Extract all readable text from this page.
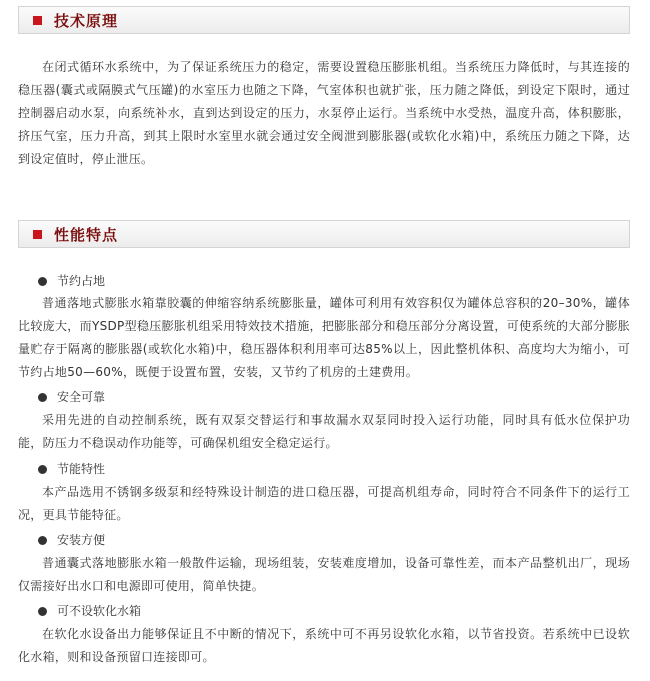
技术原理

在闭式循环水系统中，为了保证系统压力的稳定，需要设置稳压膨胀机组。当系统压力降低时，与其连接的稳压器(囊式或隔膜式气压罐)的水室压力也随之下降，气室体积也就扩张，压力随之降低，到设定下限时，通过控制器启动水泵，向系统补水，直到达到设定的压力，水泵停止运行。当系统中水受热，温度升高，体积膨胀，挤压气室，压力升高，到其上限时水室里水就会通过安全阀泄到膨胀器(或软化水箱)中，系统压力随之下降，达到设定值时，停止泄压。

性能特点
节约占地

普通落地式膨胀水箱靠胶囊的伸缩容纳系统膨胀量，罐体可利用有效容积仅为罐体总容积的20–30%，罐体比较庞大，而YSDP型稳压膨胀机组采用特效技术措施，把膨胀部分和稳压部分分离设置，可使系统的大部分膨胀量贮存于隔离的膨胀器(或软化水箱)中，稳压器体积利用率可达85%以上，因此整机体积、高度均大为缩小，可节约占地50—60%，既便于设置布置，安装，又节约了机房的土建费用。

安全可靠

采用先进的自动控制系统，既有双泵交替运行和事故漏水双泵同时投入运行功能，同时具有低水位保护功能，防压力不稳误动作功能等，可确保机组安全稳定运行。

节能特性

本产品选用不锈钢多级泵和经特殊设计制造的进口稳压器，可提高机组寿命，同时符合不同条件下的运行工况，更具节能特征。

安装方便

普通囊式落地膨胀水箱一般散件运输，现场组装，安装难度增加，设备可靠性差，而本产品整机出厂，现场仅需接好出水口和电源即可使用，简单快捷。

可不设软化水箱

在软化水设备出力能够保证且不中断的情况下，系统中可不再另设软化水箱，以节省投资。若系统中已设软化水箱，则和设备预留口连接即可。
